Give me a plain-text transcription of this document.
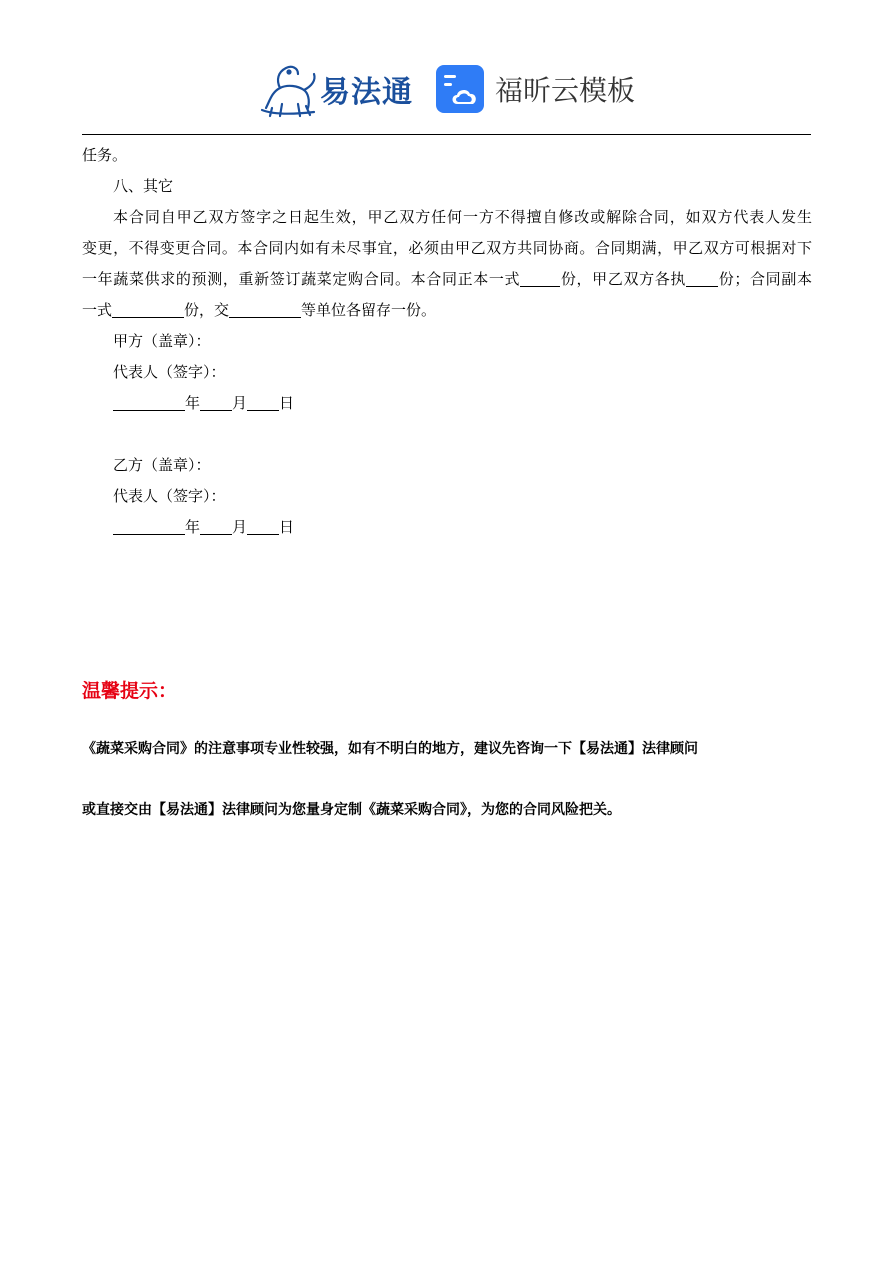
易法通	福昕云模板
任务。
八、其它
本合同自甲乙双方签字之日起生效，甲乙双方任何一方不得擅自修改或解除合同，如双方代表人发生
变更，不得变更合同。本合同内如有未尽事宜，必须由甲乙双方共同协商。合同期满，甲乙双方可根据对下
一年蔬菜供求的预测，重新签订蔬菜定购合同。本合同正本一式	份，甲乙双方各执 份；合同副本
一式	份，交	等单位各留存一份。
甲方（盖章）：
代表人（签字）：
年 月 日
乙方（盖章）：
代表人（签字）：
年 月 日
温馨提示：
《蔬菜采购合同》的注意事项专业性较强，如有不明白的地方，建议先咨询一下【易法通】法律顾问
或直接交由【易法通】法律顾问为您量身定制《蔬菜采购合同》，为您的合同风险把关。
